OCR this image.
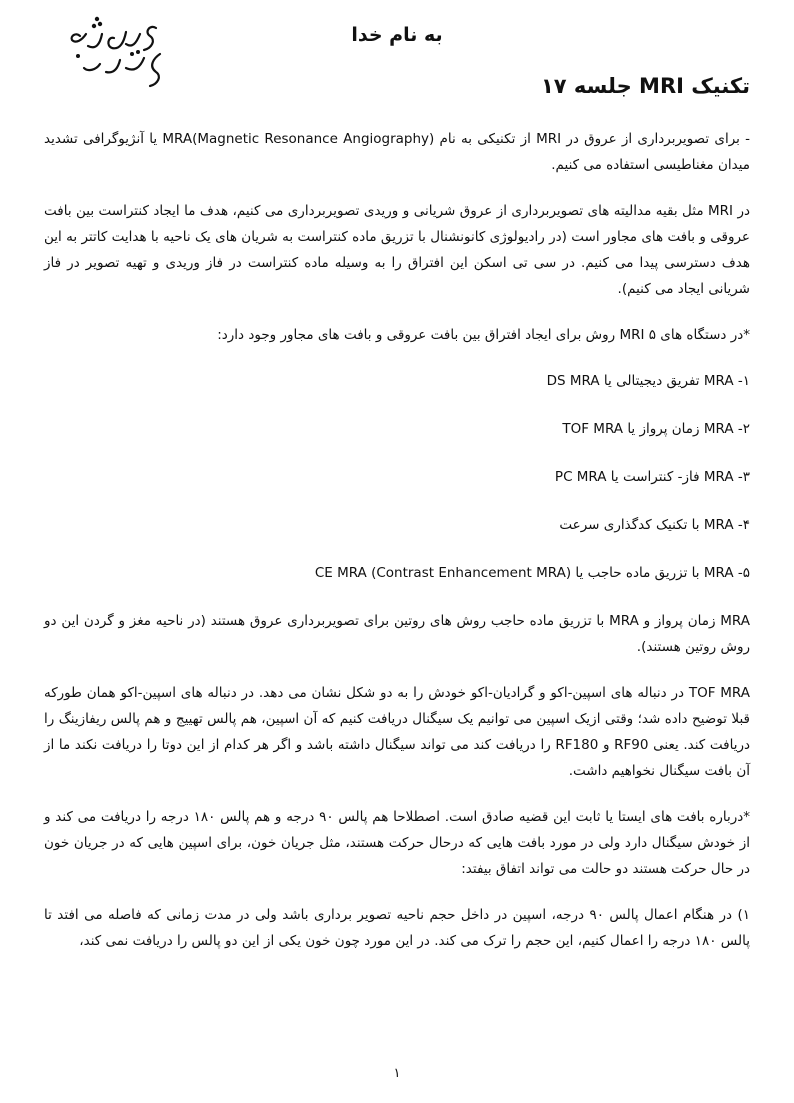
به نام خدا
تکنیک MRI جلسه ۱۷

- برای تصویربرداری از عروق در MRI از تکنیکی به نام MRA(Magnetic Resonance Angiography) یا آنژیوگرافی تشدید میدان مغناطیسی استفاده می کنیم.

در MRI مثل بقیه مدالیته های تصویربرداری از عروق شریانی و وریدی تصویربرداری می کنیم، هدف ما ایجاد کنتراست بین بافت عروقی و بافت های مجاور است (در رادیولوژی کانونشنال با تزریق ماده کنتراست به شریان های یک ناحیه با هدایت کاتتر به این هدف دسترسی پیدا می کنیم. در سی تی اسکن این افتراق را به وسیله ماده کنتراست در فاز وریدی و تهیه تصویر در فاز شریانی ایجاد می کنیم).

*در دستگاه های MRI ۵ روش برای ایجاد افتراق بین بافت عروقی و بافت های مجاور وجود دارد:

۱- MRA تفریق دیجیتالی یا DS MRA

۲- MRA زمان پرواز یا TOF MRA

۳- MRA فاز- کنتراست یا PC MRA

۴- MRA با تکنیک کدگذاری سرعت

۵- MRA با تزریق ماده حاجب یا CE MRA (Contrast Enhancement MRA)

MRA زمان پرواز و MRA با تزریق ماده حاجب روش های روتین برای تصویربرداری عروق هستند (در ناحیه مغز و گردن این دو روش روتین هستند).

TOF MRA در دنباله های اسپین-اکو و گرادیان-اکو خودش را به دو شکل نشان می دهد. در دنباله های اسپین-اکو همان طورکه قبلا توضیح داده شد؛ وقتی ازیک اسپین می توانیم یک سیگنال دریافت کنیم که آن اسپین، هم پالس تهییج و هم پالس ریفازینگ را دریافت کند. یعنی RF90 و RF180 را دریافت کند می تواند سیگنال داشته باشد و اگر هر کدام از این دوتا را دریافت نکند ما از آن بافت سیگنال نخواهیم داشت.

*درباره بافت های ایستا یا ثابت این قضیه صادق است. اصطلاحا هم پالس ۹۰ درجه و هم پالس ۱۸۰ درجه را دریافت می کند و از خودش سیگنال دارد ولی در مورد بافت هایی که درحال حرکت هستند، مثل جریان خون، برای اسپین هایی که در جریان خون در حال حرکت هستند دو حالت می تواند اتفاق بیفتد:

۱) در هنگام اعمال پالس ۹۰ درجه، اسپین در داخل حجم ناحیه تصویر برداری باشد ولی در مدت زمانی که فاصله می افتد تا پالس ۱۸۰ درجه را اعمال کنیم، این حجم را ترک می کند. در این مورد چون خون یکی از این دو پالس را دریافت نمی کند،

۱
